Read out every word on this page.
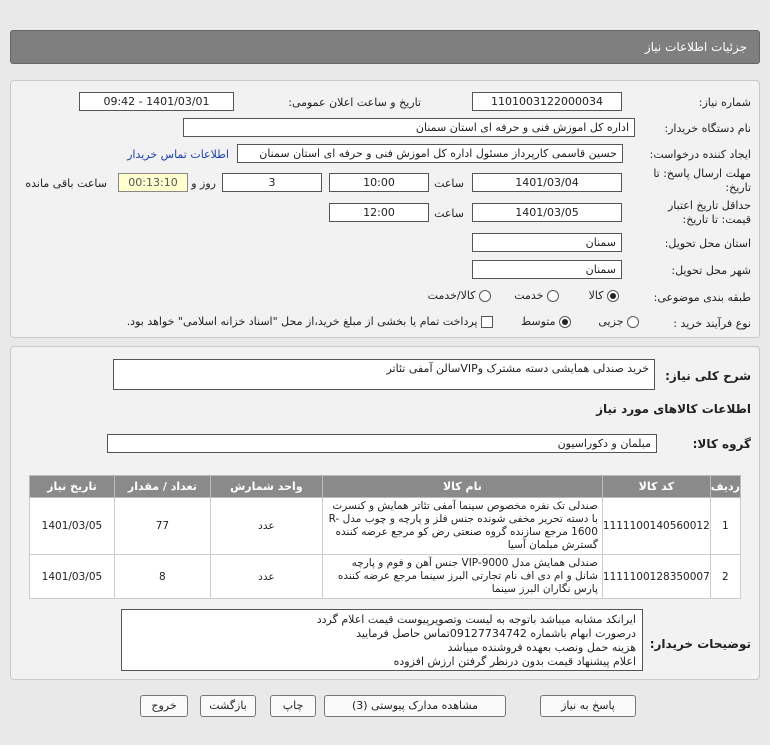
جزئیات اطلاعات نیاز
شماره نیاز:
1101003122000034
تاریخ و ساعت اعلان عمومی:
1401/03/01 - 09:42
نام دستگاه خریدار:
اداره کل اموزش فنی و حرفه ای استان سمنان
ایجاد کننده درخواست:
حسین قاسمی کارپرداز مسئول اداره کل اموزش فنی و حرفه ای استان سمنان
اطلاعات تماس خریدار
مهلت ارسال پاسخ: تا تاریخ:
1401/03/04
ساعت
10:00
3
روز و
00:13:10
ساعت باقی مانده
حداقل تاریخ اعتبار قیمت: تا تاریخ:
1401/03/05
ساعت
12:00
استان محل تحویل:
سمنان
شهر محل تحویل:
سمنان
طبقه بندی موضوعی:
کالا
خدمت
کالا/خدمت
نوع فرآیند خرید :
جزیی
متوسط
پرداخت تمام یا بخشی از مبلغ خرید،از محل "اسناد خزانه اسلامی" خواهد بود.
شرح کلی نیاز:
خرید صندلی همایشی دسته مشترک وVIPسالن آمفی تئاتر
اطلاعات کالاهای مورد نیاز
گروه کالا:
مبلمان و دکوراسیون
ردیف	کد کالا	نام کالا	واحد شمارش	تعداد / مقدار	تاریخ نیاز
1	1111100140560012	صندلی تک نفره مخصوص سینما آمفی تئاتر همایش و کنسرت با دسته تحریر مخفی شونده جنس فلز و پارچه و چوب مدل R-1600 مرجع سازنده گروه صنعتی رض کو مرجع عرضه کننده گسترش مبلمان آسیا	عدد	77	1401/03/05
2	1111100128350007	صندلی همایش مدل VIP-9000 جنس آهن و فوم و پارچه شانل و ام دی اف نام تجارتی البرز سینما مرجع عرضه کننده پارس نگاران البرز سینما	عدد	8	1401/03/05
توضیحات خریدار:
ایرانکد مشابه میباشد باتوجه به لیست وتصویرپیوست قیمت اعلام گردد
درصورت ابهام باشماره 09127734742تماس حاصل فرمایید
هزینه حمل ونصب بعهده فروشنده میباشد
اعلام پیشنهاد قیمت بدون درنظر گرفتن ارزش افزوده
پاسخ به نیاز
مشاهده مدارک پیوستی (3)
چاپ
بازگشت
خروج
